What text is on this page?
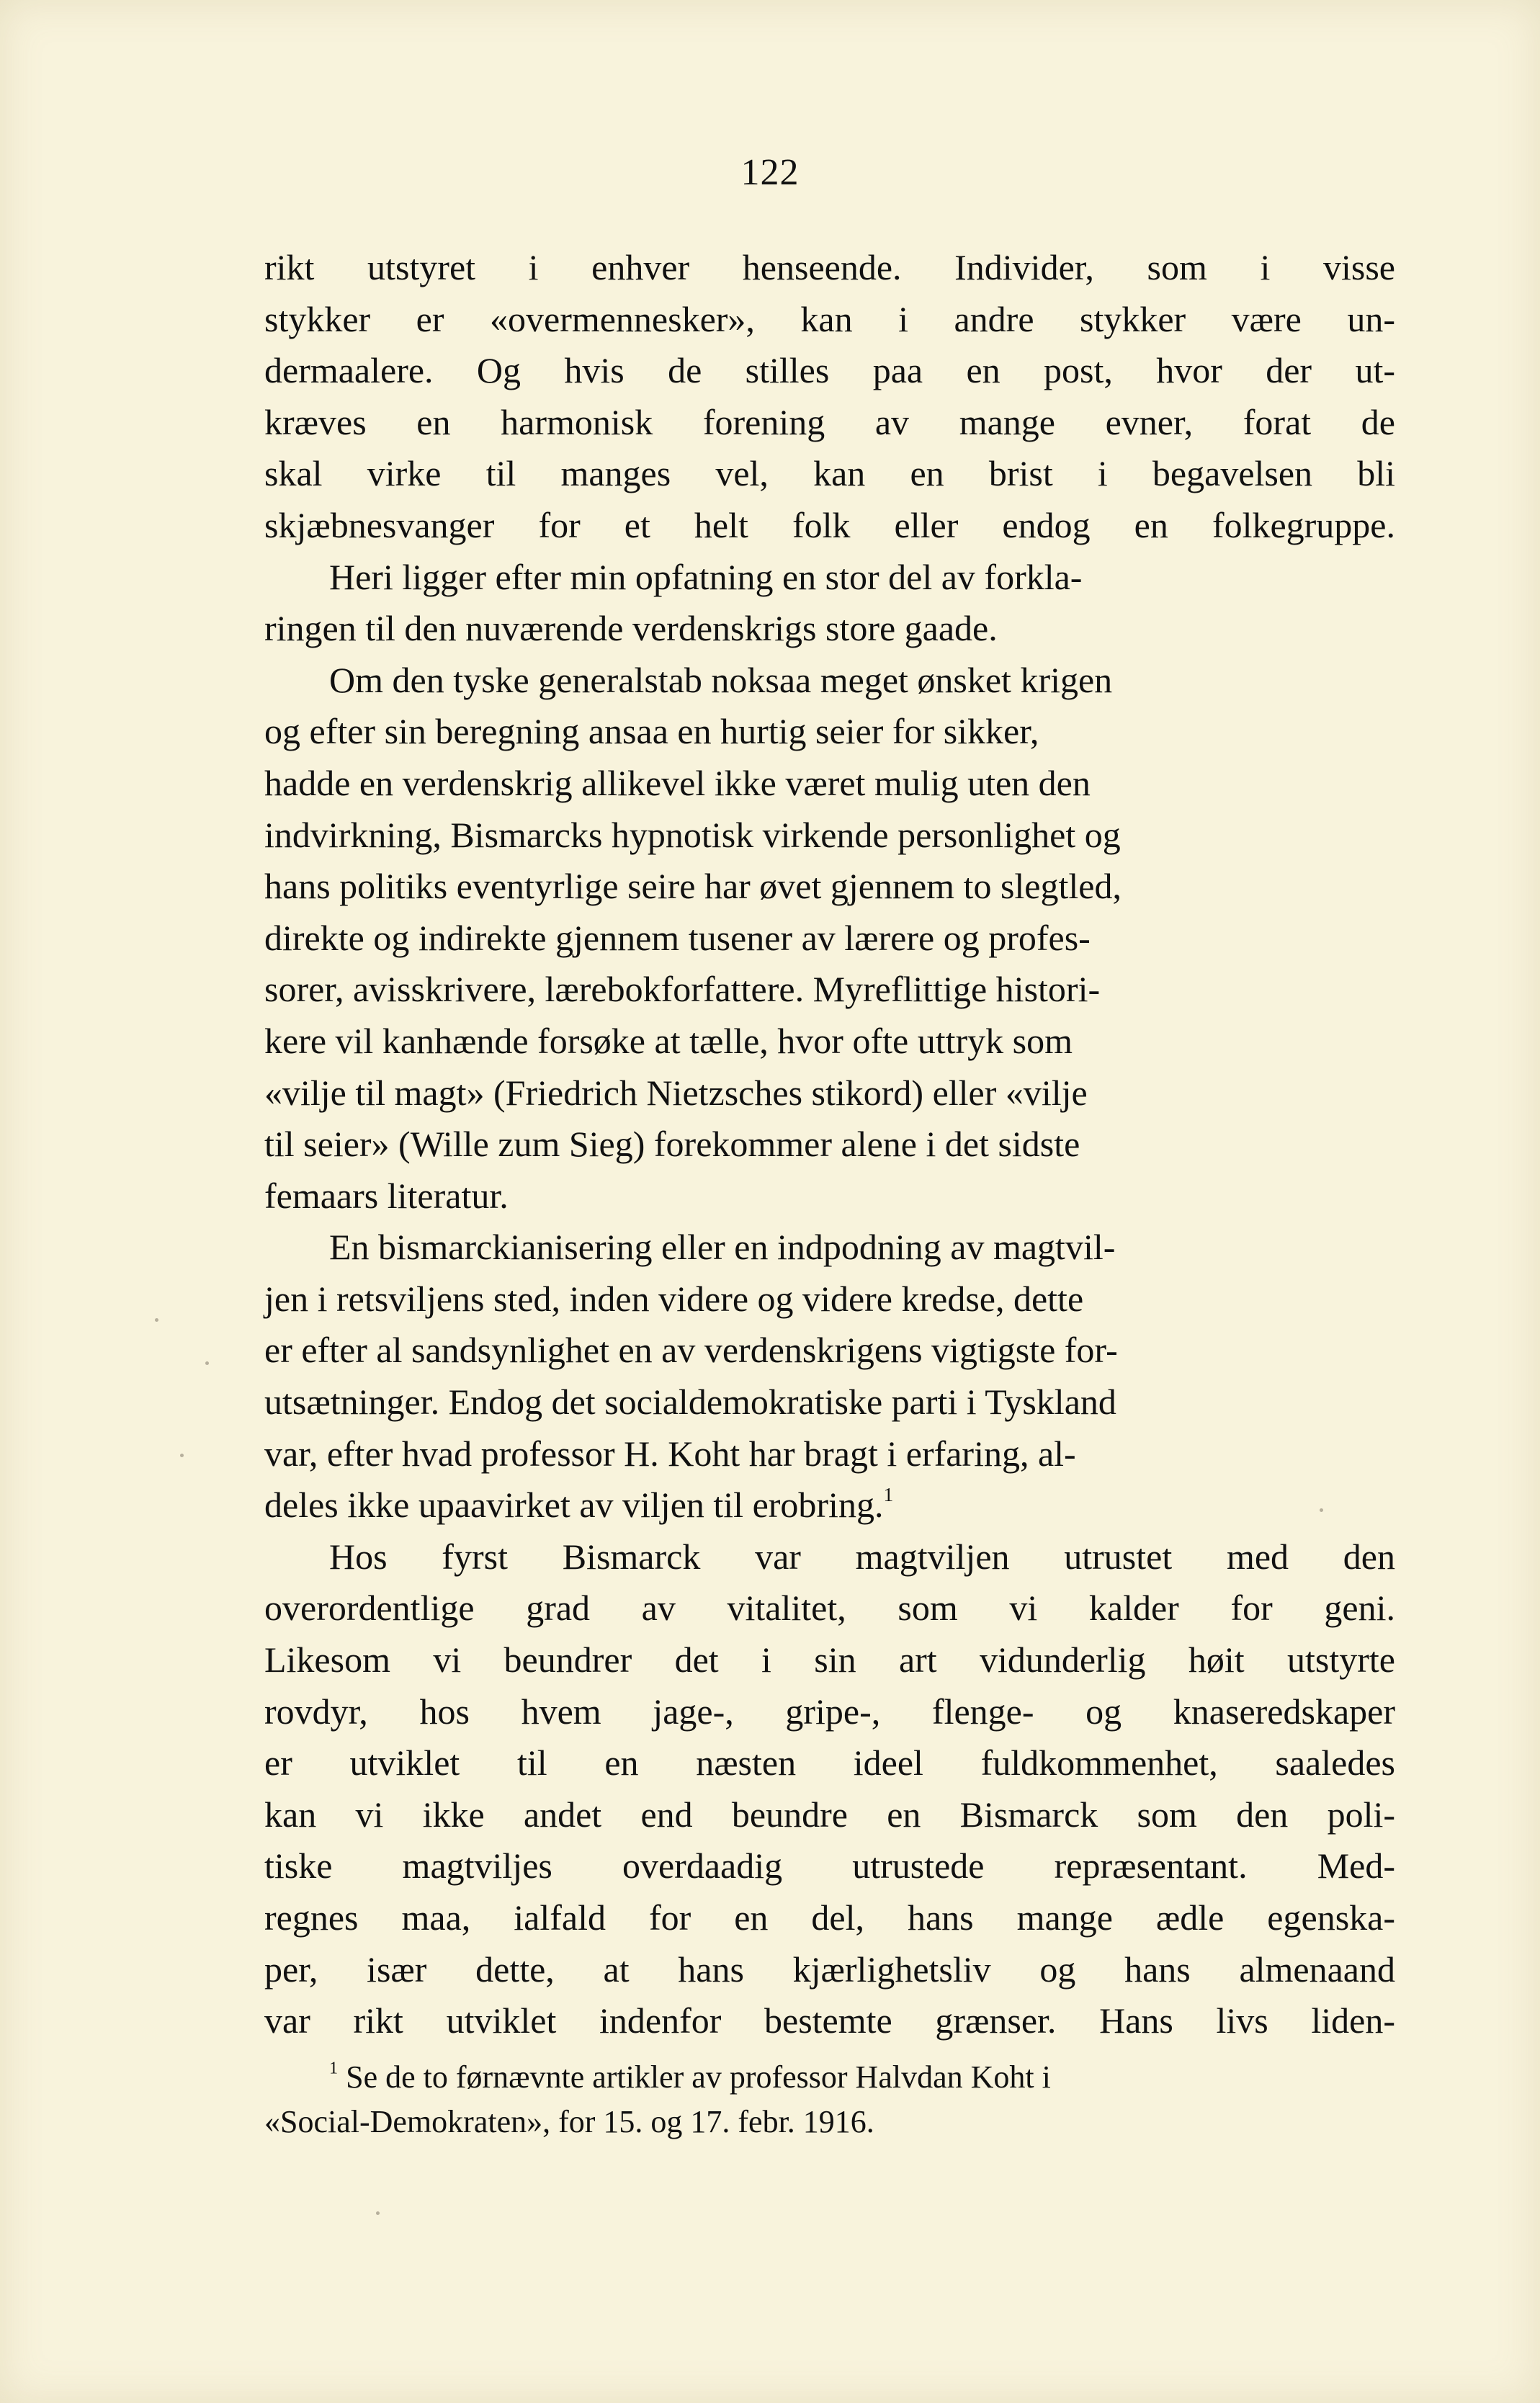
122

rikt utstyret i enhver henseende. Individer, som i visse
stykker er «overmennesker», kan i andre stykker være un-
dermaalere. Og hvis de stilles paa en post, hvor der ut-
kræves en harmonisk forening av mange evner, forat de
skal virke til manges vel, kan en brist i begavelsen bli
skjæbnesvanger for et helt folk eller endog en folkegruppe.

Heri ligger efter min opfatning en stor del av forkla-
ringen til den nuværende verdenskrigs store gaade.

Om den tyske generalstab noksaa meget ønsket krigen
og efter sin beregning ansaa en hurtig seier for sikker,
hadde en verdenskrig allikevel ikke været mulig uten den
indvirkning, Bismarcks hypnotisk virkende personlighet og
hans politiks eventyrlige seire har øvet gjennem to slegtled,
direkte og indirekte gjennem tusener av lærere og profes-
sorer, avisskrivere, lærebokforfattere. Myreflittige histori-
kere vil kanhænde forsøke at tælle, hvor ofte uttryk som
«vilje til magt» (Friedrich Nietzsches stikord) eller «vilje
til seier» (Wille zum Sieg) forekommer alene i det sidste
femaars literatur.

En bismarckianisering eller en indpodning av magtvil-
jen i retsviljens sted, inden videre og videre kredse, dette
er efter al sandsynlighet en av verdenskrigens vigtigste for-
utsætninger. Endog det socialdemokratiske parti i Tyskland
var, efter hvad professor H. Koht har bragt i erfaring, al-
deles ikke upaavirket av viljen til erobring.$^1$

Hos fyrst Bismarck var magtviljen utrustet med den
overordentlige grad av vitalitet, som vi kalder for geni.
Likesom vi beundrer det i sin art vidunderlig høit utstyrte
rovdyr, hos hvem jage-, gripe-, flenge- og knaseredskaper
er utviklet til en næsten ideel fuldkommenhet, saaledes
kan vi ikke andet end beundre en Bismarck som den poli-
tiske magtviljes overdaadig utrustede repræsentant. Med-
regnes maa, ialfald for en del, hans mange ædle egenska-
per, især dette, at hans kjærlighetsliv og hans almenaand
var rikt utviklet indenfor bestemte grænser. Hans livs liden-

$^1$ Se de to førnævnte artikler av professor Halvdan Koht i
«Social-Demokraten», for 15. og 17. febr. 1916.
